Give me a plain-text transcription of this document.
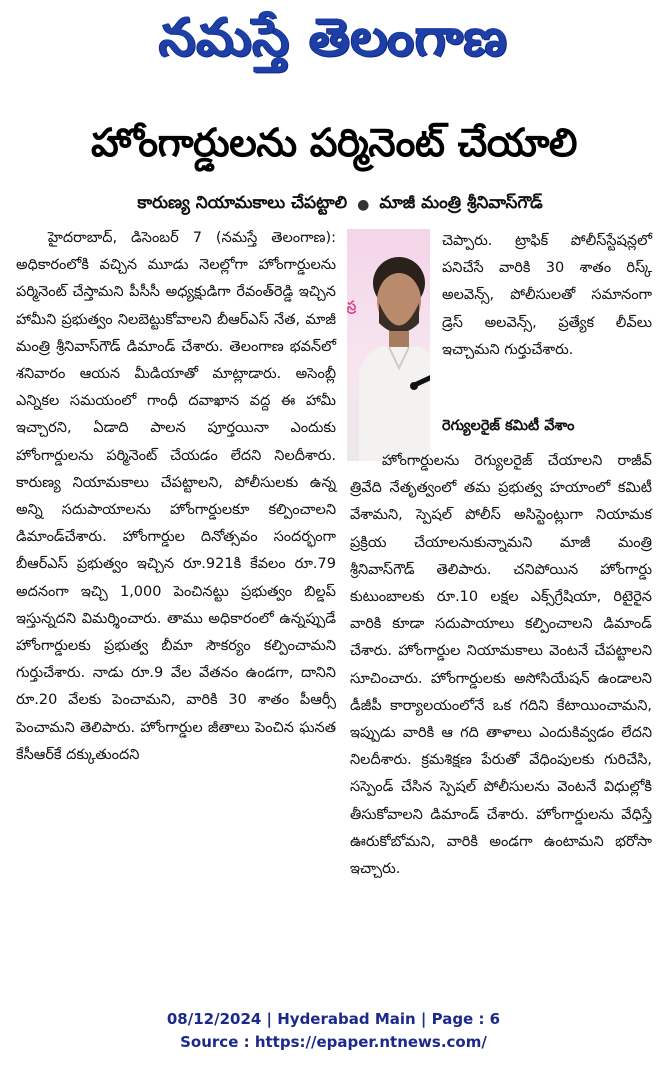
నమస్తే తెలంగాణ
హోంగార్డులను పర్మినెంట్ చేయాలి
కారుణ్య నియామకాలు చేపట్టాలి ● మాజీ మంత్రి శ్రీనివాస్‌గౌడ్

హైదరాబాద్, డిసెంబర్ 7 (నమస్తే తెలంగాణ): అధికారంలోకి వచ్చిన మూడు నెలల్లోగా హోంగార్డులను పర్మినెంట్ చేస్తామని పీసీసీ అధ్యక్షుడిగా రేవంత్‌రెడ్డి ఇచ్చిన హామీని ప్రభుత్వం నిలబెట్టుకోవాలని బీఆర్‌ఎస్ నేత, మాజీ మంత్రి శ్రీనివాస్‌గౌడ్ డిమాండ్ చేశారు. తెలంగాణ భవన్‌లో శనివారం ఆయన మీడియాతో మాట్లాడారు. అసెంబ్లీ ఎన్నికల సమయంలో గాంధీ దవాఖాన వద్ద ఈ హామీ ఇచ్చారని, ఏడాది పాలన పూర్తయినా ఎందుకు హోంగార్డులను పర్మినెంట్ చేయడం లేదని నిలదీశారు. కారుణ్య నియామకాలు చేపట్టాలని, పోలీసులకు ఉన్న అన్ని సదుపాయాలను హోంగార్డులకూ కల్పించాలని డిమాండ్‌చేశారు. హోంగార్డుల దినోత్సవం సందర్భంగా బీఆర్‌ఎస్ ప్రభుత్వం ఇచ్చిన రూ.921కి కేవలం రూ.79 అదనంగా ఇచ్చి 1,000 పెంచినట్టు ప్రభుత్వం బిల్డప్ ఇస్తున్నదని విమర్శించారు. తాము అధికారంలో ఉన్నప్పుడే హోంగార్డులకు ప్రభుత్వ బీమా సౌకర్యం కల్పించామని గుర్తుచేశారు. నాడు రూ.9 వేల వేతనం ఉండగా, దానిని రూ.20 వేలకు పెంచామని, వారికి 30 శాతం పీఆర్సీ పెంచామని తెలిపారు. హోంగార్డుల జీతాలు పెంచిన ఘనత కేసీఆర్‌కే దక్కుతుందని

స్ర

చెప్పారు. ట్రాఫిక్ పోలీస్‌స్టేషన్లలో పనిచేసే వారికి 30 శాతం రిస్క్ అలవెన్స్, పోలీసులతో సమానంగా డ్రెస్ అలవెన్స్, ప్రత్యేక లీవ్‌లు ఇచ్చామని గుర్తుచేశారు.

రెగ్యులరైజ్ కమిటీ వేశాం

హోంగార్డులను రెగ్యులరైజ్ చేయాలని రాజీవ్ త్రివేది నేతృత్వంలో తమ ప్రభుత్వ హయాంలో కమిటీ వేశామని, స్పెషల్ పోలీస్ అసిస్టెంట్లుగా నియామక ప్రక్రియ చేయాలనుకున్నామని మాజీ మంత్రి శ్రీనివాస్‌గౌడ్ తెలిపారు. చనిపోయిన హోంగార్డు కుటుంబాలకు రూ.10 లక్షల ఎక్స్‌గ్రేషియా, రిటైరైన వారికి కూడా సదుపాయాలు కల్పించాలని డిమాండ్ చేశారు. హోంగార్డుల నియామకాలు వెంటనే చేపట్టాలని సూచించారు. హోంగార్డులకు అసోసియేషన్ ఉండాలని డీజీపీ కార్యాలయంలోనే ఒక గదిని కేటాయించామని, ఇప్పుడు వారికి ఆ గది తాళాలు ఎందుకివ్వడం లేదని నిలదీశారు. క్రమశిక్షణ పేరుతో వేధింపులకు గురిచేసి, సస్పెండ్ చేసిన స్పెషల్ పోలీసులను వెంటనే విధుల్లోకి తీసుకోవాలని డిమాండ్ చేశారు. హోంగార్డులను వేధిస్తే ఊరుకోబోమని, వారికి అండగా ఉంటామని భరోసా ఇచ్చారు.

08/12/2024 | Hyderabad Main | Page : 6
Source : https://epaper.ntnews.com/
